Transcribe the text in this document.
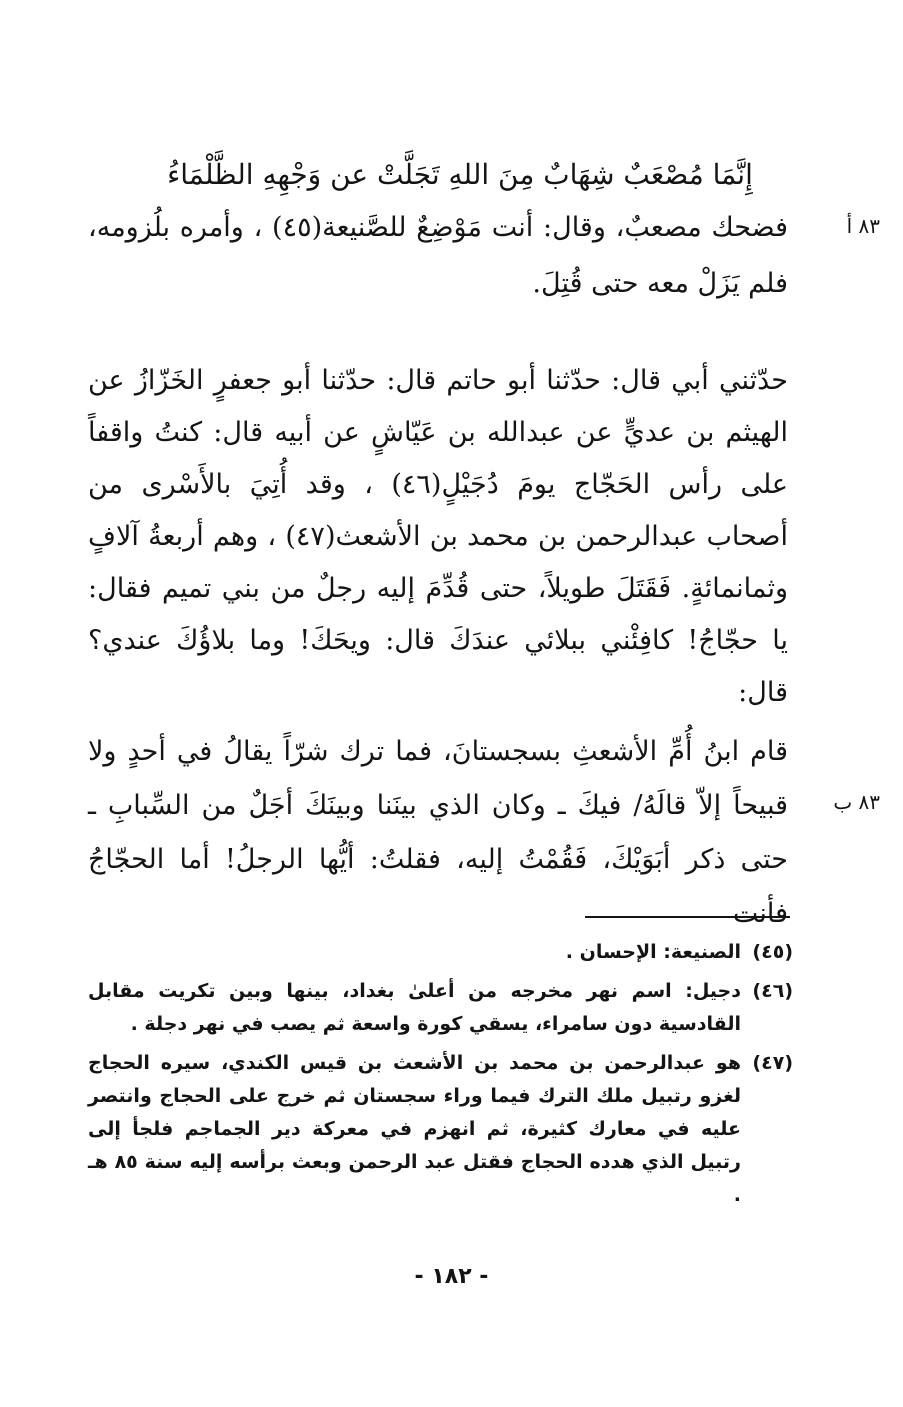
إِنَّمَا مُصْعَبٌ شِهَابٌ مِنَ اللهِ تَجَلَّتْ عن وَجْهِهِ الظَّلْمَاءُ
٨٣ أ
فضحك مصعبٌ، وقال: أنت مَوْضِعٌ للصَّنيعة(٤٥) ، وأمره بلُزومه، فلم يَزَلْ معه حتى قُتِلَ.
حدّثني أبي قال: حدّثنا أبو حاتم قال: حدّثنا أبو جعفرٍ الخَزّازُ عن الهيثم بن عديٍّ عن عبدالله بن عَيّاشٍ عن أبيه قال: كنتُ واقفاً على رأس الحَجّاج يومَ دُجَيْلٍ(٤٦) ، وقد أُتِيَ بالأَسْرى من أصحاب عبدالرحمن بن محمد بن الأشعث(٤٧) ، وهم أربعةُ آلافٍ وثمانمائةٍ. فَقَتَلَ طويلاً، حتى قُدِّمَ إليه رجلٌ من بني تميم فقال: يا حجّاجُ! كافِئْني ببلائي عندَكَ قال: ويحَكَ! وما بلاؤُكَ عندي؟ قال:
٨٣ ب
قام ابنُ أُمِّ الأشعثِ بسجستانَ، فما ترك شرّاً يقالُ في أحدٍ ولا قبيحاً إلاّ قالَهُ/ فيكَ ـ وكان الذي بينَنا وبينَكَ أجَلٌ من السِّبابِ ـ حتى ذكر أبَوَيْكَ، فَقُمْتُ إليه، فقلتُ: أيُّها الرجلُ! أما الحجّاجُ فأنت
(٤٥)
الصنيعة: الإحسان .
(٤٦)
دجيل: اسم نهر مخرجه من أعلىٰ بغداد، بينها وبين تكريت مقابل القادسية دون سامراء، يسقي كورة واسعة ثم يصب في نهر دجلة .
(٤٧)
هو عبدالرحمن بن محمد بن الأشعث بن قيس الكندي، سيره الحجاج لغزو رتبيل ملك الترك فيما وراء سجستان ثم خرج على الحجاج وانتصر عليه في معارك كثيرة، ثم انهزم في معركة دير الجماجم فلجأ إلى رتبيل الذي هدده الحجاج فقتل عبد الرحمن وبعث برأسه إليه سنة ٨٥ هـ .
- ١٨٢ -
